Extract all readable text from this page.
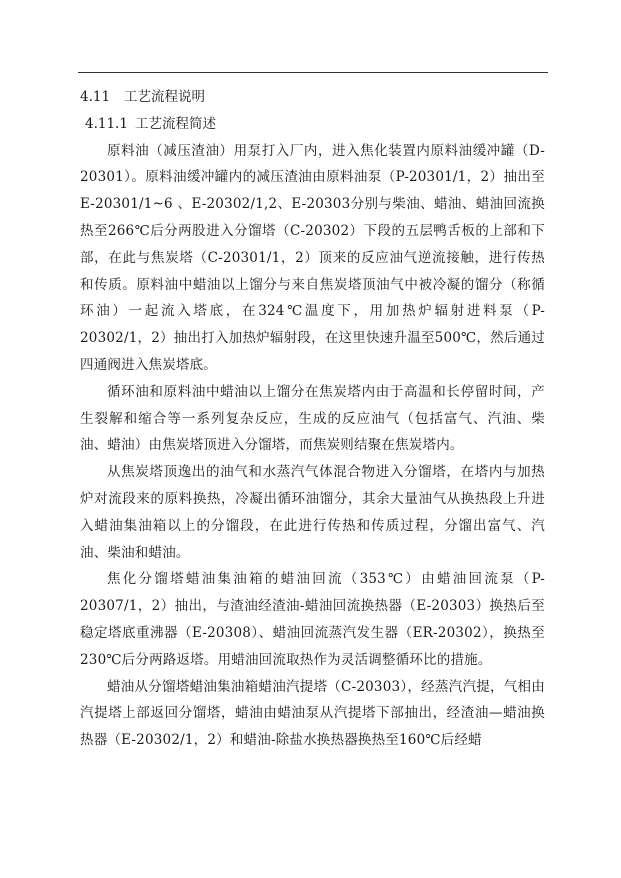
4.11 工艺流程说明
4.11.1 工艺流程简述

原料油（减压渣油）用泵打入厂内，进入焦化装置内原料油缓冲罐（D-20301）。原料油缓冲罐内的减压渣油由原料油泵（P-20301/1，2）抽出至E-20301/1~6 、E-20302/1,2、E-20303分别与柴油、蜡油、蜡油回流换热至266℃后分两股进入分馏塔（C-20302）下段的五层鸭舌板的上部和下部，在此与焦炭塔（C-20301/1，2）顶来的反应油气逆流接触，进行传热和传质。原料油中蜡油以上馏分与来自焦炭塔顶油气中被冷凝的馏分（称循环油）一起流入塔底，在324℃温度下，用加热炉辐射进料泵（P-20302/1，2）抽出打入加热炉辐射段，在这里快速升温至500℃，然后通过四通阀进入焦炭塔底。

循环油和原料油中蜡油以上馏分在焦炭塔内由于高温和长停留时间，产生裂解和缩合等一系列复杂反应，生成的反应油气（包括富气、汽油、柴油、蜡油）由焦炭塔顶进入分馏塔，而焦炭则结聚在焦炭塔内。

从焦炭塔顶逸出的油气和水蒸汽气体混合物进入分馏塔，在塔内与加热炉对流段来的原料换热，冷凝出循环油馏分，其余大量油气从换热段上升进入蜡油集油箱以上的分馏段，在此进行传热和传质过程，分馏出富气、汽油、柴油和蜡油。

焦化分馏塔蜡油集油箱的蜡油回流（353℃）由蜡油回流泵（P-20307/1，2）抽出，与渣油经渣油-蜡油回流换热器（E-20303）换热后至稳定塔底重沸器（E-20308）、蜡油回流蒸汽发生器（ER-20302），换热至230℃后分两路返塔。用蜡油回流取热作为灵活调整循环比的措施。

蜡油从分馏塔蜡油集油箱蜡油汽提塔（C-20303），经蒸汽汽提，气相由汽提塔上部返回分馏塔，蜡油由蜡油泵从汽提塔下部抽出，经渣油—蜡油换热器（E-20302/1，2）和蜡油-除盐水换热器换热至160℃后经蜡
